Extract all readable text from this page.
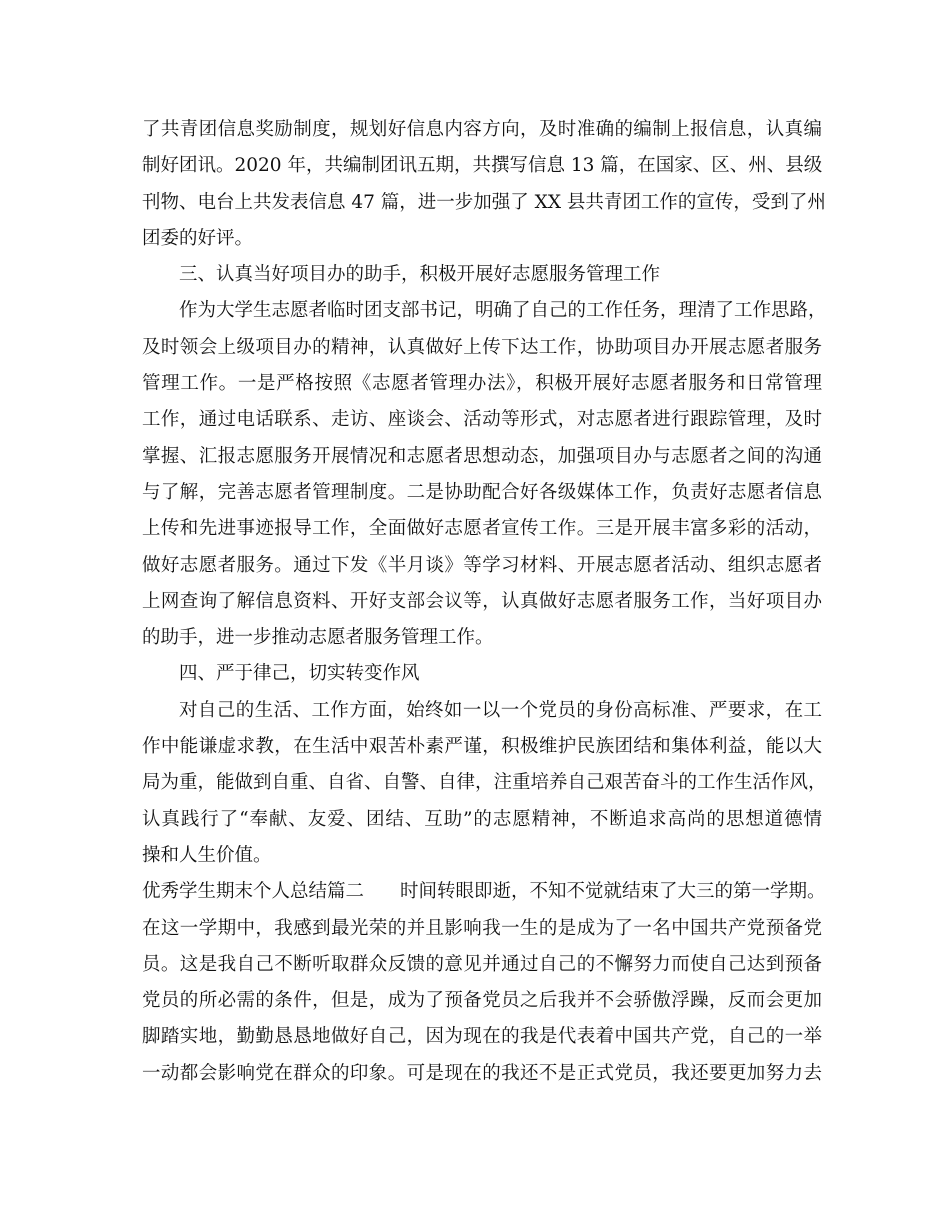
了共青团信息奖励制度，规划好信息内容方向，及时准确的编制上报信息，认真编
制好团讯。2020 年，共编制团讯五期，共撰写信息 13 篇，在国家、区、州、县级
刊物、电台上共发表信息 47 篇，进一步加强了 XX 县共青团工作的宣传，受到了州
团委的好评。
三、认真当好项目办的助手，积极开展好志愿服务管理工作
作为大学生志愿者临时团支部书记，明确了自己的工作任务，理清了工作思路，
及时领会上级项目办的精神，认真做好上传下达工作，协助项目办开展志愿者服务
管理工作。一是严格按照《志愿者管理办法》，积极开展好志愿者服务和日常管理
工作，通过电话联系、走访、座谈会、活动等形式，对志愿者进行跟踪管理，及时
掌握、汇报志愿服务开展情况和志愿者思想动态，加强项目办与志愿者之间的沟通
与了解，完善志愿者管理制度。二是协助配合好各级媒体工作，负责好志愿者信息
上传和先进事迹报导工作，全面做好志愿者宣传工作。三是开展丰富多彩的活动，
做好志愿者服务。通过下发《半月谈》等学习材料、开展志愿者活动、组织志愿者
上网查询了解信息资料、开好支部会议等，认真做好志愿者服务工作，当好项目办
的助手，进一步推动志愿者服务管理工作。
四、严于律己，切实转变作风
对自己的生活、工作方面，始终如一以一个党员的身份高标准、严要求，在工
作中能谦虚求教，在生活中艰苦朴素严谨，积极维护民族团结和集体利益，能以大
局为重，能做到自重、自省、自警、自律，注重培养自己艰苦奋斗的工作生活作风，
认真践行了“奉献、友爱、团结、互助”的志愿精神，不断追求高尚的思想道德情
操和人生价值。
优秀学生期末个人总结篇二 时间转眼即逝，不知不觉就结束了大三的第一学期。
在这一学期中，我感到最光荣的并且影响我一生的是成为了一名中国共产党预备党
员。这是我自己不断听取群众反馈的意见并通过自己的不懈努力而使自己达到预备
党员的所必需的条件，但是，成为了预备党员之后我并不会骄傲浮躁，反而会更加
脚踏实地，勤勤恳恳地做好自己，因为现在的我是代表着中国共产党，自己的一举
一动都会影响党在群众的印象。可是现在的我还不是正式党员，我还要更加努力去
